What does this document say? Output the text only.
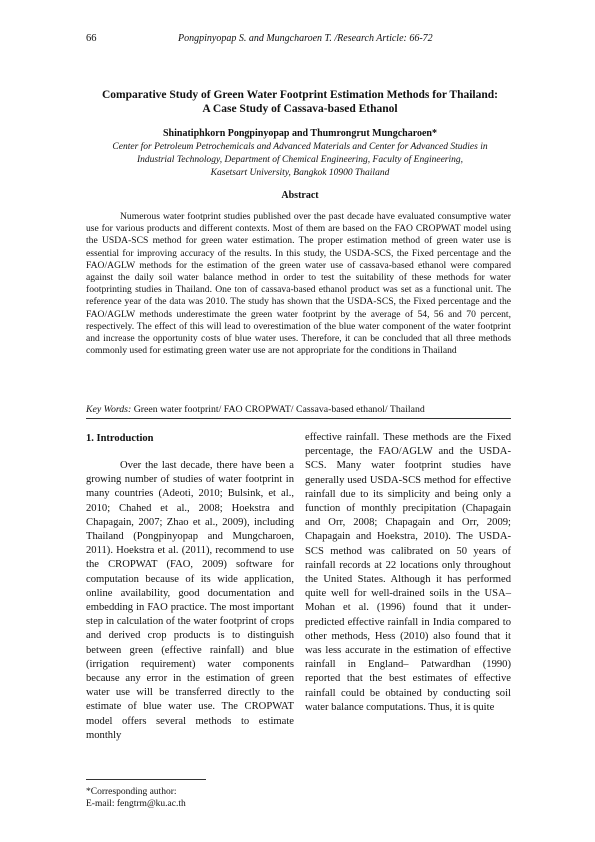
66	Pongpinyopap S. and Mungcharoen T. /Research Article: 66-72
Comparative Study of Green Water Footprint Estimation Methods for Thailand:
A Case Study of Cassava-based Ethanol
Shinatiphkorn Pongpinyopap and Thumrongrut Mungcharoen*
Center for Petroleum Petrochemicals and Advanced Materials and Center for Advanced Studies in
Industrial Technology, Department of Chemical Engineering, Faculty of Engineering,
Kasetsart University, Bangkok 10900 Thailand
Abstract

Numerous water footprint studies published over the past decade have evaluated consumptive water use for various products and different contexts. Most of them are based on the FAO CROPWAT model using the USDA-SCS method for green water estimation. The proper estimation method of green water use is essential for improving accuracy of the results. In this study, the USDA-SCS, the Fixed percentage and the FAO/AGLW methods for the estimation of the green water use of cassava-based ethanol were compared against the daily soil water balance method in order to test the suitability of these methods for water footprinting studies in Thailand. One ton of cassava-based ethanol product was set as a functional unit. The reference year of the data was 2010. The study has shown that the USDA-SCS, the Fixed percentage and the FAO/AGLW methods underestimate the green water footprint by the average of 54, 56 and 70 percent, respectively. The effect of this will lead to overestimation of the blue water component of the water footprint and increase the opportunity costs of blue water uses. Therefore, it can be concluded that all three methods commonly used for estimating green water use are not appropriate for the conditions in Thailand

Key Words: Green water footprint/ FAO CROPWAT/ Cassava-based ethanol/ Thailand
1. Introduction

Over the last decade, there have been a growing number of studies of water footprint in many countries (Adeoti, 2010; Bulsink, et al., 2010; Chahed et al., 2008; Hoekstra and Chapagain, 2007; Zhao et al., 2009), including Thailand (Pongpinyopap and Mungcharoen, 2011). Hoekstra et al. (2011), recommend to use the CROPWAT (FAO, 2009) software for computation because of its wide application, online availability, good documentation and embedding in FAO practice. The most important step in calculation of the water footprint of crops and derived crop products is to distinguish between green (effective rainfall) and blue (irrigation requirement) water components because any error in the estimation of green water use will be transferred directly to the estimate of blue water use. The CROPWAT model offers several methods to estimate monthly

effective rainfall. These methods are the Fixed percentage, the FAO/AGLW and the USDA-SCS. Many water footprint studies have generally used USDA-SCS method for effective rainfall due to its simplicity and being only a function of monthly precipitation (Chapagain and Orr, 2008; Chapagain and Orr, 2009; Chapagain and Hoekstra, 2010). The USDA-SCS method was calibrated on 50 years of rainfall records at 22 locations only throughout the United States. Although it has performed quite well for well-drained soils in the USA– Mohan et al. (1996) found that it under-predicted effective rainfall in India compared to other methods, Hess (2010) also found that it was less accurate in the estimation of effective rainfall in England– Patwardhan (1990) reported that the best estimates of effective rainfall could be obtained by conducting soil water balance computations. Thus, it is quite

*Corresponding author:
E-mail: fengtrm@ku.ac.th
